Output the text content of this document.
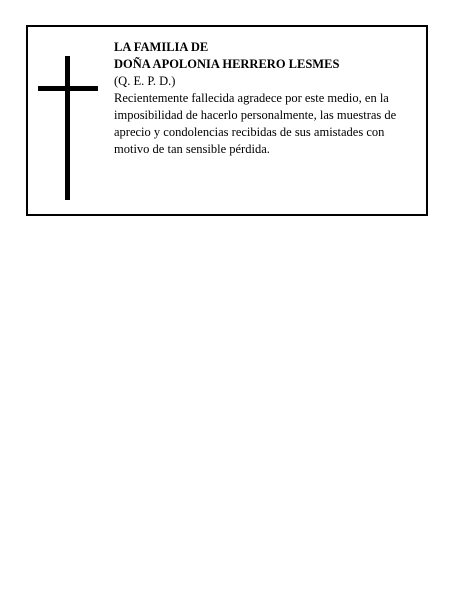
LA FAMILIA DE
DOÑA APOLONIA HERRERO LESMES
(Q. E. P. D.)
Recientemente fallecida agradece por este medio, en la imposibilidad de hacerlo personalmente, las muestras de aprecio y condolencias recibidas de sus amistades con motivo de tan sensible pérdida.
